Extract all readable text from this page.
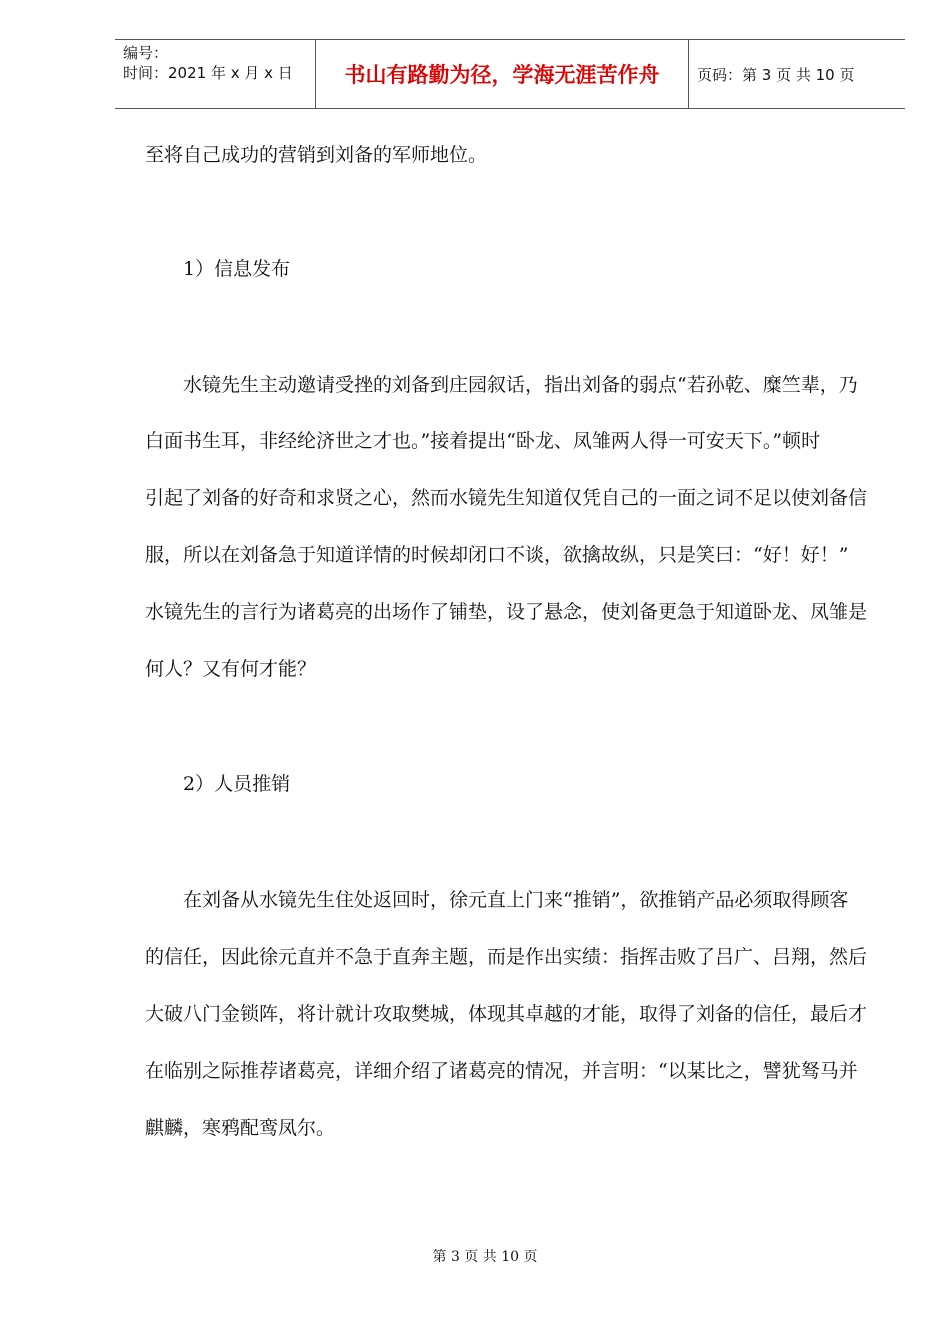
编号：
时间：2021 年 x 月 x 日	书山有路勤为径，学海无涯苦作舟	页码：第 3 页 共 10 页
至将自己成功的营销到刘备的军师地位。
1）信息发布
水镜先生主动邀请受挫的刘备到庄园叙话，指出刘备的弱点“若孙乾、糜竺辈，乃
白面书生耳，非经纶济世之才也。”接着提出“卧龙、凤雏两人得一可安天下。”顿时
引起了刘备的好奇和求贤之心，然而水镜先生知道仅凭自己的一面之词不足以使刘备信
服，所以在刘备急于知道详情的时候却闭口不谈，欲擒故纵，只是笑曰：“好！好！”
水镜先生的言行为诸葛亮的出场作了铺垫，设了悬念，使刘备更急于知道卧龙、凤雏是
何人？又有何才能？
2）人员推销
在刘备从水镜先生住处返回时，徐元直上门来“推销”，欲推销产品必须取得顾客
的信任，因此徐元直并不急于直奔主题，而是作出实绩：指挥击败了吕广、吕翔，然后
大破八门金锁阵，将计就计攻取樊城，体现其卓越的才能，取得了刘备的信任，最后才
在临别之际推荐诸葛亮，详细介绍了诸葛亮的情况，并言明：“以某比之，譬犹驽马并
麒麟，寒鸦配鸾凤尔。
第 3 页 共 10 页
